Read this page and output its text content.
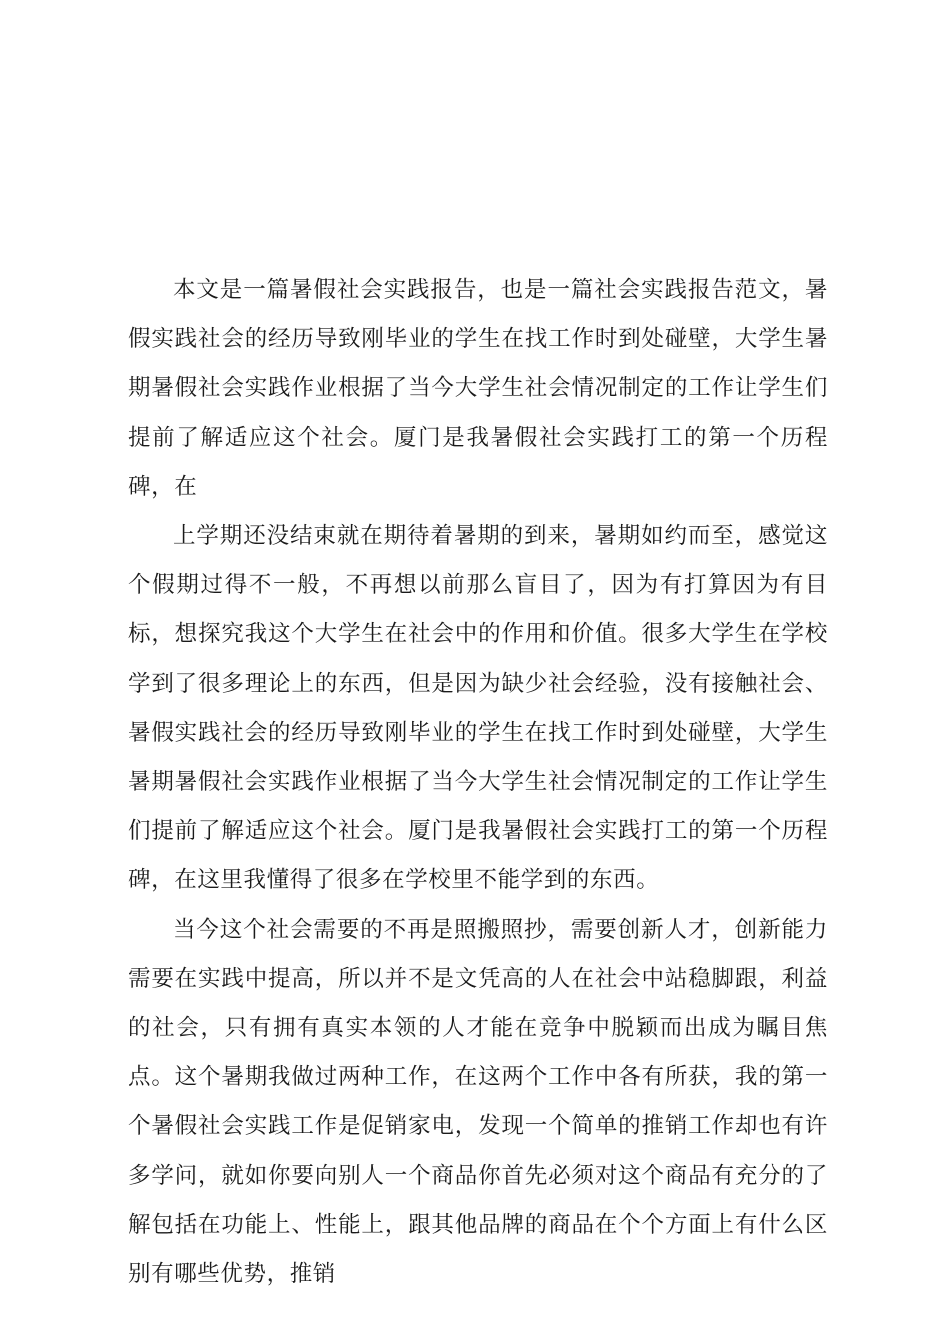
本文是一篇暑假社会实践报告，也是一篇社会实践报告范文，暑假实践社会的经历导致刚毕业的学生在找工作时到处碰壁，大学生暑期暑假社会实践作业根据了当今大学生社会情况制定的工作让学生们提前了解适应这个社会。厦门是我暑假社会实践打工的第一个历程碑，在

上学期还没结束就在期待着暑期的到来，暑期如约而至，感觉这个假期过得不一般，不再想以前那么盲目了，因为有打算因为有目标，想探究我这个大学生在社会中的作用和价值。很多大学生在学校学到了很多理论上的东西，但是因为缺少社会经验，没有接触社会、暑假实践社会的经历导致刚毕业的学生在找工作时到处碰壁，大学生暑期暑假社会实践作业根据了当今大学生社会情况制定的工作让学生们提前了解适应这个社会。厦门是我暑假社会实践打工的第一个历程碑，在这里我懂得了很多在学校里不能学到的东西。

当今这个社会需要的不再是照搬照抄，需要创新人才，创新能力需要在实践中提高，所以并不是文凭高的人在社会中站稳脚跟，利益的社会，只有拥有真实本领的人才能在竞争中脱颖而出成为瞩目焦点。这个暑期我做过两种工作，在这两个工作中各有所获，我的第一个暑假社会实践工作是促销家电，发现一个简单的推销工作却也有许多学问，就如你要向别人一个商品你首先必须对这个商品有充分的了解包括在功能上、性能上，跟其他品牌的商品在个个方面上有什么区别有哪些优势，推销
